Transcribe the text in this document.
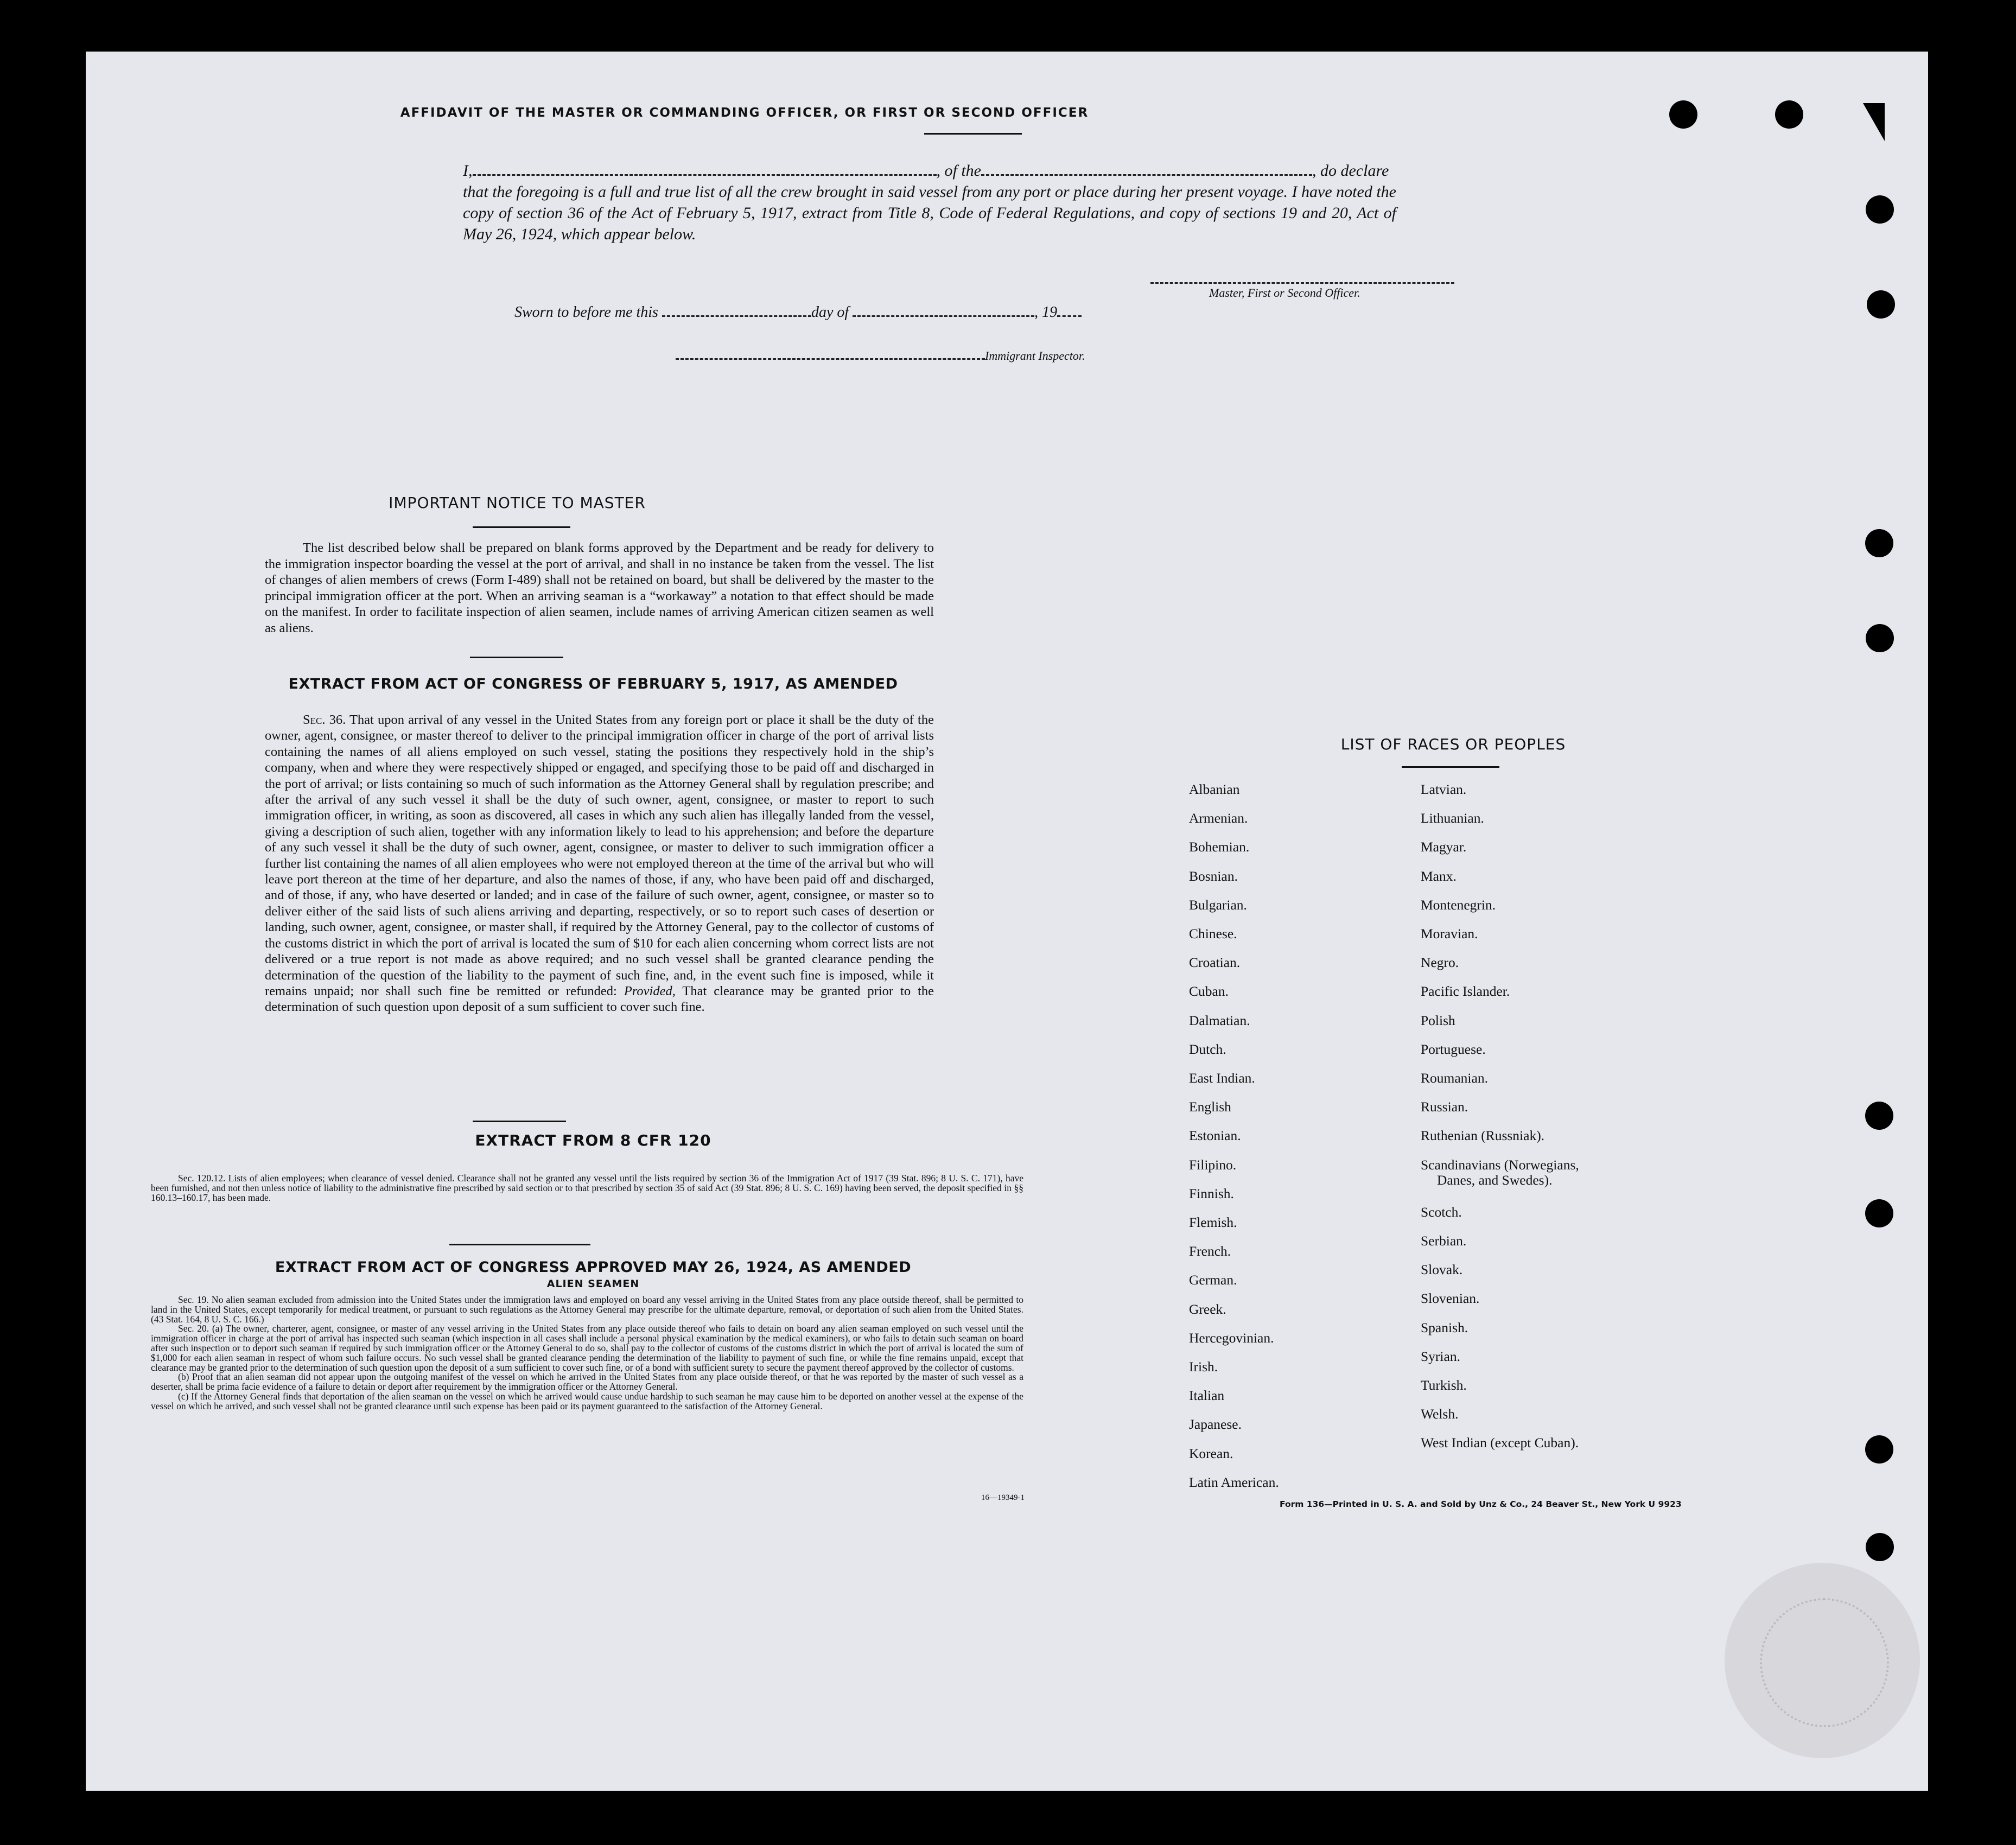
AFFIDAVIT OF THE MASTER OR COMMANDING OFFICER, OR FIRST OR SECOND OFFICER

I,	, of the	, do declare

that the foregoing is a full and true list of all the crew brought in said vessel from any port or place during her present voyage. I have noted the copy of section 36 of the Act of February 5, 1917, extract from Title 8, Code of Federal Regulations, and copy of sections 19 and 20, Act of May 26, 1924, which appear below.

Master, First or Second Officer.
Sworn to before me this	day of	, 19
Immigrant Inspector.
IMPORTANT NOTICE TO MASTER
The list described below shall be prepared on blank forms approved by the Department and be ready for delivery to the immigration inspector boarding the vessel at the port of arrival, and shall in no instance be taken from the vessel. The list of changes of alien members of crews (Form I-489) shall not be retained on board, but shall be delivered by the master to the principal immigration officer at the port. When an arriving seaman is a “workaway” a notation to that effect should be made on the manifest. In order to facilitate inspection of alien seamen, include names of arriving American citizen seamen as well as aliens.
EXTRACT FROM ACT OF CONGRESS OF FEBRUARY 5, 1917, AS AMENDED
Sec. 36. That upon arrival of any vessel in the United States from any foreign port or place it shall be the duty of the owner, agent, consignee, or master thereof to deliver to the principal immigration officer in charge of the port of arrival lists containing the names of all aliens employed on such vessel, stating the positions they respectively hold in the ship’s company, when and where they were respectively shipped or engaged, and specifying those to be paid off and discharged in the port of arrival; or lists containing so much of such information as the Attorney General shall by regulation prescribe; and after the arrival of any such vessel it shall be the duty of such owner, agent, consignee, or master to report to such immigration officer, in writing, as soon as discovered, all cases in which any such alien has illegally landed from the vessel, giving a description of such alien, together with any information likely to lead to his apprehension; and before the departure of any such vessel it shall be the duty of such owner, agent, consignee, or master to deliver to such immigration officer a further list containing the names of all alien employees who were not employed thereon at the time of the arrival but who will leave port thereon at the time of her departure, and also the names of those, if any, who have been paid off and discharged, and of those, if any, who have deserted or landed; and in case of the failure of such owner, agent, consignee, or master so to deliver either of the said lists of such aliens arriving and departing, respectively, or so to report such cases of desertion or landing, such owner, agent, consignee, or master shall, if required by the Attorney General, pay to the collector of customs of the customs district in which the port of arrival is located the sum of $10 for each alien concerning whom correct lists are not delivered or a true report is not made as above required; and no such vessel shall be granted clearance pending the determination of the question of the liability to the payment of such fine, and, in the event such fine is imposed, while it remains unpaid; nor shall such fine be remitted or refunded: Provided, That clearance may be granted prior to the determination of such question upon deposit of a sum sufficient to cover such fine.
EXTRACT FROM 8 CFR 120
Sec. 120.12. Lists of alien employees; when clearance of vessel denied. Clearance shall not be granted any vessel until the lists required by section 36 of the Immigration Act of 1917 (39 Stat. 896; 8 U. S. C. 171), have been furnished, and not then unless notice of liability to the administrative fine prescribed by said section or to that prescribed by section 35 of said Act (39 Stat. 896; 8 U. S. C. 169) having been served, the deposit specified in §§ 160.13–160.17, has been made.
EXTRACT FROM ACT OF CONGRESS APPROVED MAY 26, 1924, AS AMENDED
ALIEN SEAMEN

Sec. 19. No alien seaman excluded from admission into the United States under the immigration laws and employed on board any vessel arriving in the United States from any place outside thereof, shall be permitted to land in the United States, except temporarily for medical treatment, or pursuant to such regulations as the Attorney General may prescribe for the ultimate departure, removal, or deportation of such alien from the United States. (43 Stat. 164, 8 U. S. C. 166.)

Sec. 20. (a) The owner, charterer, agent, consignee, or master of any vessel arriving in the United States from any place outside thereof who fails to detain on board any alien seaman employed on such vessel until the immigration officer in charge at the port of arrival has inspected such seaman (which inspection in all cases shall include a personal physical examination by the medical examiners), or who fails to detain such seaman on board after such inspection or to deport such seaman if required by such immigration officer or the Attorney General to do so, shall pay to the collector of customs of the customs district in which the port of arrival is located the sum of $1,000 for each alien seaman in respect of whom such failure occurs. No such vessel shall be granted clearance pending the determination of the liability to payment of such fine, or while the fine remains unpaid, except that clearance may be granted prior to the determination of such question upon the deposit of a sum sufficient to cover such fine, or of a bond with sufficient surety to secure the payment thereof approved by the collector of customs.

(b) Proof that an alien seaman did not appear upon the outgoing manifest of the vessel on which he arrived in the United States from any place outside thereof, or that he was reported by the master of such vessel as a deserter, shall be prima facie evidence of a failure to detain or deport after requirement by the immigration officer or the Attorney General.

(c) If the Attorney General finds that deportation of the alien seaman on the vessel on which he arrived would cause undue hardship to such seaman he may cause him to be deported on another vessel at the expense of the vessel on which he arrived, and such vessel shall not be granted clearance until such expense has been paid or its payment guaranteed to the satisfaction of the Attorney General.

16—19349-1
LIST OF RACES OR PEOPLES
Albanian
Armenian.
Bohemian.
Bosnian.
Bulgarian.
Chinese.
Croatian.
Cuban.
Dalmatian.
Dutch.
East Indian.
English
Estonian.
Filipino.
Finnish.
Flemish.
French.
German.
Greek.
Hercegovinian.
Irish.
Italian
Japanese.
Korean.
Latin American.
Latvian.
Lithuanian.
Magyar.
Manx.
Montenegrin.
Moravian.
Negro.
Pacific Islander.
Polish
Portuguese.
Roumanian.
Russian.
Ruthenian (Russniak).
Scandinavians (Norwegians,
Danes, and Swedes).
Scotch.
Serbian.
Slovak.
Slovenian.
Spanish.
Syrian.
Turkish.
Welsh.
West Indian (except Cuban).
Form 136—Printed in U. S. A. and Sold by Unz & Co., 24 Beaver St., New York U 9923
